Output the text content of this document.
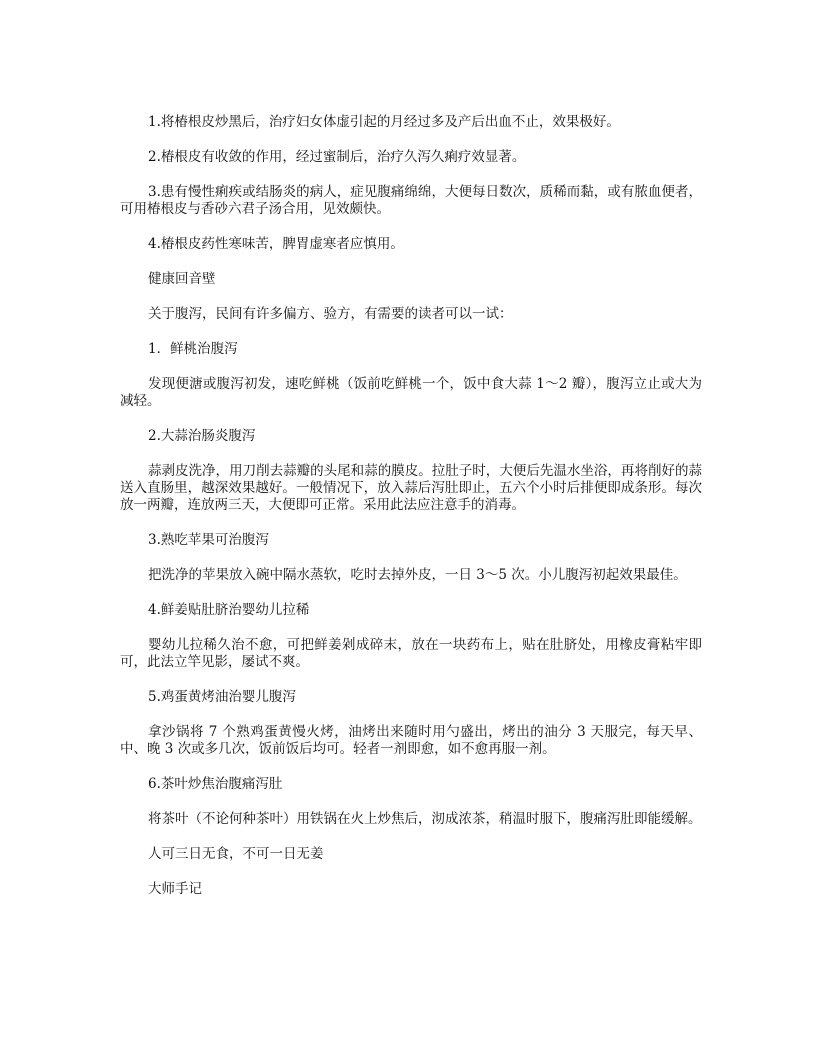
1.将椿根皮炒黑后，治疗妇女体虚引起的月经过多及产后出血不止，效果极好。

2.椿根皮有收敛的作用，经过蜜制后，治疗久泻久痢疗效显著。

3.患有慢性痢疾或结肠炎的病人，症见腹痛绵绵，大便每日数次，质稀而黏，或有脓血便者，可用椿根皮与香砂六君子汤合用，见效颇快。

4.椿根皮药性寒味苦，脾胃虚寒者应慎用。

健康回音壁

关于腹泻，民间有许多偏方、验方，有需要的读者可以一试：

1．鲜桃治腹泻

发现便溏或腹泻初发，速吃鲜桃（饭前吃鲜桃一个，饭中食大蒜 1～2 瓣），腹泻立止或大为减轻。

2.大蒜治肠炎腹泻

蒜剥皮洗净，用刀削去蒜瓣的头尾和蒜的膜皮。拉肚子时，大便后先温水坐浴，再将削好的蒜送入直肠里，越深效果越好。一般情况下，放入蒜后泻肚即止，五六个小时后排便即成条形。每次放一两瓣，连放两三天，大便即可正常。采用此法应注意手的消毒。

3.熟吃苹果可治腹泻

把洗净的苹果放入碗中隔水蒸软，吃时去掉外皮，一日 3～5 次。小儿腹泻初起效果最佳。

4.鲜姜贴肚脐治婴幼儿拉稀

婴幼儿拉稀久治不愈，可把鲜姜剁成碎末，放在一块药布上，贴在肚脐处，用橡皮膏粘牢即可，此法立竿见影，屡试不爽。

5.鸡蛋黄烤油治婴儿腹泻

拿沙锅将 7 个熟鸡蛋黄慢火烤，油烤出来随时用勺盛出，烤出的油分 3 天服完，每天早、中、晚 3 次或多几次，饭前饭后均可。轻者一剂即愈，如不愈再服一剂。

6.茶叶炒焦治腹痛泻肚

将茶叶（不论何种茶叶）用铁锅在火上炒焦后，沏成浓茶，稍温时服下，腹痛泻肚即能缓解。

人可三日无食，不可一日无姜

大师手记
